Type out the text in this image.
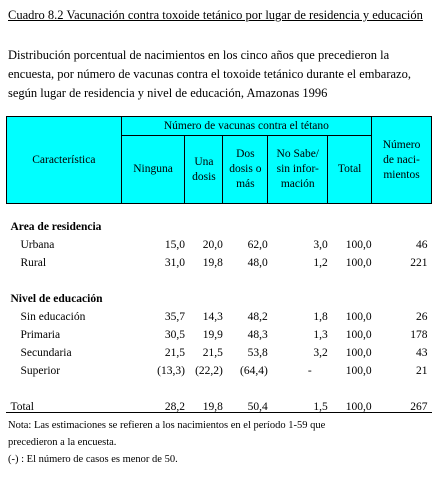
Cuadro 8.2 Vacunación contra toxoide tetánico por lugar de residencia y educación
Distribución porcentual de nacimientos en los cinco años que precedieron la encuesta, por número de vacunas contra el toxoide tetánico durante el embarazo, según lugar de residencia y nivel de educación, Amazonas 1996
Característica	Número de vacunas contra el tétano					Número de naci- mientos
	Ninguna	Una dosis	Dos dosis o más	No Sabe/ sin infor- mación	Total	

Area de residencia						
Urbana	15,0	20,0	62,0	3,0	100,0	46
Rural	31,0	19,8	48,0	1,2	100,0	221

Nivel de educación						
Sin educación	35,7	14,3	48,2	1,8	100,0	26
Primaria	30,5	19,9	48,3	1,3	100,0	178
Secundaria	21,5	21,5	53,8	3,2	100,0	43
Superior	(13,3)	(22,2)	(64,4)	-	100,0	21

Total	28,2	19,8	50,4	1,5	100,0	267
Nota: Las estimaciones se refieren a los nacimientos en el período 1-59 que
precedieron a la encuesta.
(-) : El número de casos es menor de 50.
